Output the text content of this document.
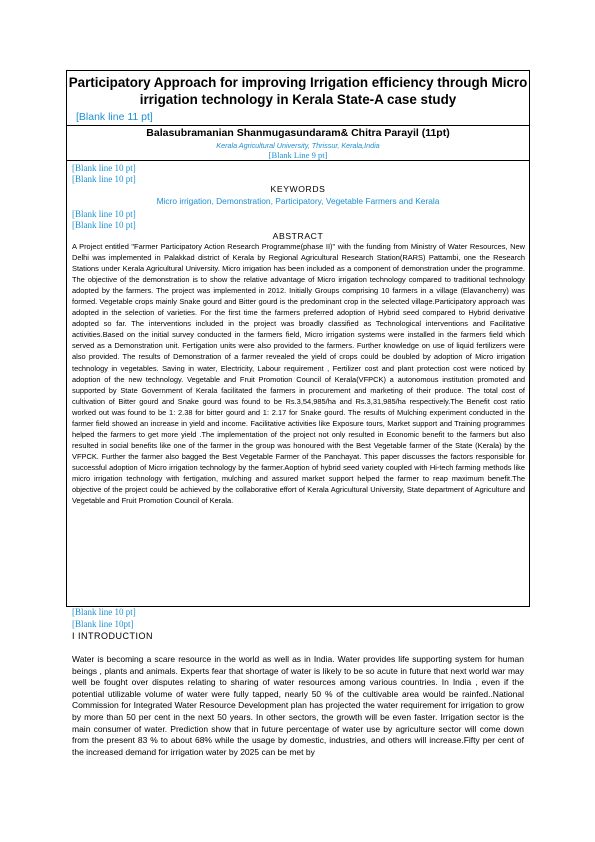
Participatory Approach for improving Irrigation efficiency through Micro irrigation technology in Kerala State-A case study
[Blank line 11 pt]
Balasubramanian Shanmugasundaram& Chitra Parayil (11pt)
Kerala Agricultural University, Thrissur, Kerala,India
[Blank Line 9 pt]
[Blank line 10 pt]
[Blank line 10 pt]
KEYWORDS
Micro irrigation, Demonstration, Participatory, Vegetable Farmers and Kerala
[Blank line 10 pt]
[Blank line 10 pt]
ABSTRACT

A Project entitled "Farmer Participatory Action Research Programme(phase II)" with the funding from Ministry of Water Resources, New Delhi was implemented in Palakkad district of Kerala by Regional Agricultural Research Station(RARS) Pattambi, one the Research Stations under Kerala Agricultural University. Micro irrigation has been included as a component of demonstration under the programme. The objective of the demonstration is to show the relative advantage of Micro irrigation technology compared to traditional technology adopted by the farmers. The project was implemented in 2012. Initially Groups comprising 10 farmers in a village (Elavancherry) was formed. Vegetable crops mainly Snake gourd and Bitter gourd is the predominant crop in the selected village.Participatory approach was adopted in the selection of varieties. For the first time the farmers preferred adoption of Hybrid seed compared to Hybrid derivative adopted so far. The interventions included in the project was broadly classified as Technological interventions and Facilitative activities.Based on the initial survey conducted in the farmers field, Micro irrigation systems were installed in the farmers field which served as a Demonstration unit. Fertigation units were also provided to the farmers. Further knowledge on use of liquid fertilizers were also provided. The results of Demonstration of a farmer revealed the yield of crops could be doubled by adoption of Micro irrigation technology in vegetables. Saving in water, Electricity, Labour requirement , Fertilizer cost and plant protection cost were noticed by adoption of the new technology. Vegetable and Fruit Promotion Council of Kerala(VFPCK) a autonomous institution promoted and supported by State Government of Kerala facilitated the farmers in procurement and marketing of their produce. The total cost of cultivation of Bitter gourd and Snake gourd was found to be Rs.3,54,985/ha and Rs.3,31,985/ha respectively.The Benefit cost ratio worked out was found to be 1: 2.38 for bitter gourd and 1: 2.17 for Snake gourd. The results of Mulching experiment conducted in the farmer field showed an increase in yield and income. Facilitative activities like Exposure tours, Market support and Training programmes helped the farmers to get more yield .The implementation of the project not only resulted in Economic benefit to the farmers but also resulted in social benefits like one of the farmer in the group was honoured with the Best Vegetable farmer of the State (Kerala) by the VFPCK. Further the farmer also bagged the Best Vegetable Farmer of the Panchayat. This paper discusses the factors responsible for successful adoption of Micro irrigation technology by the farmer.Aoption of hybrid seed variety coupled with Hi-tech farming methods like micro irrigation technology with fertigation, mulching and assured market support helped the farmer to reap maximum benefit.The objective of the project could be achieved by the collaborative effort of Kerala Agricultural University, State department of Agriculture and Vegetable and Fruit Promotion Council of Kerala.

[Blank line 10 pt]
[Blank line 10pt]
I INTRODUCTION

Water is becoming a scare resource in the world as well as in India. Water provides life supporting system for human beings , plants and animals. Experts fear that shortage of water is likely to be so acute in future that next world war may well be fought over disputes relating to sharing of water resources among various countries. In India , even if the potential utilizable volume of water were fully tapped, nearly 50 % of the cultivable area would be rainfed..National Commission for Integrated Water Resource Development plan has projected the water requirement for irrigation to grow by more than 50 per cent in the next 50 years. In other sectors, the growth will be even faster. Irrigation sector is the main consumer of water. Prediction show that in future percentage of water use by agriculture sector will come down from the present 83 % to about 68% while the usage by domestic, industries, and others will increase.Fifty per cent of the increased demand for irrigation water by 2025 can be met by
